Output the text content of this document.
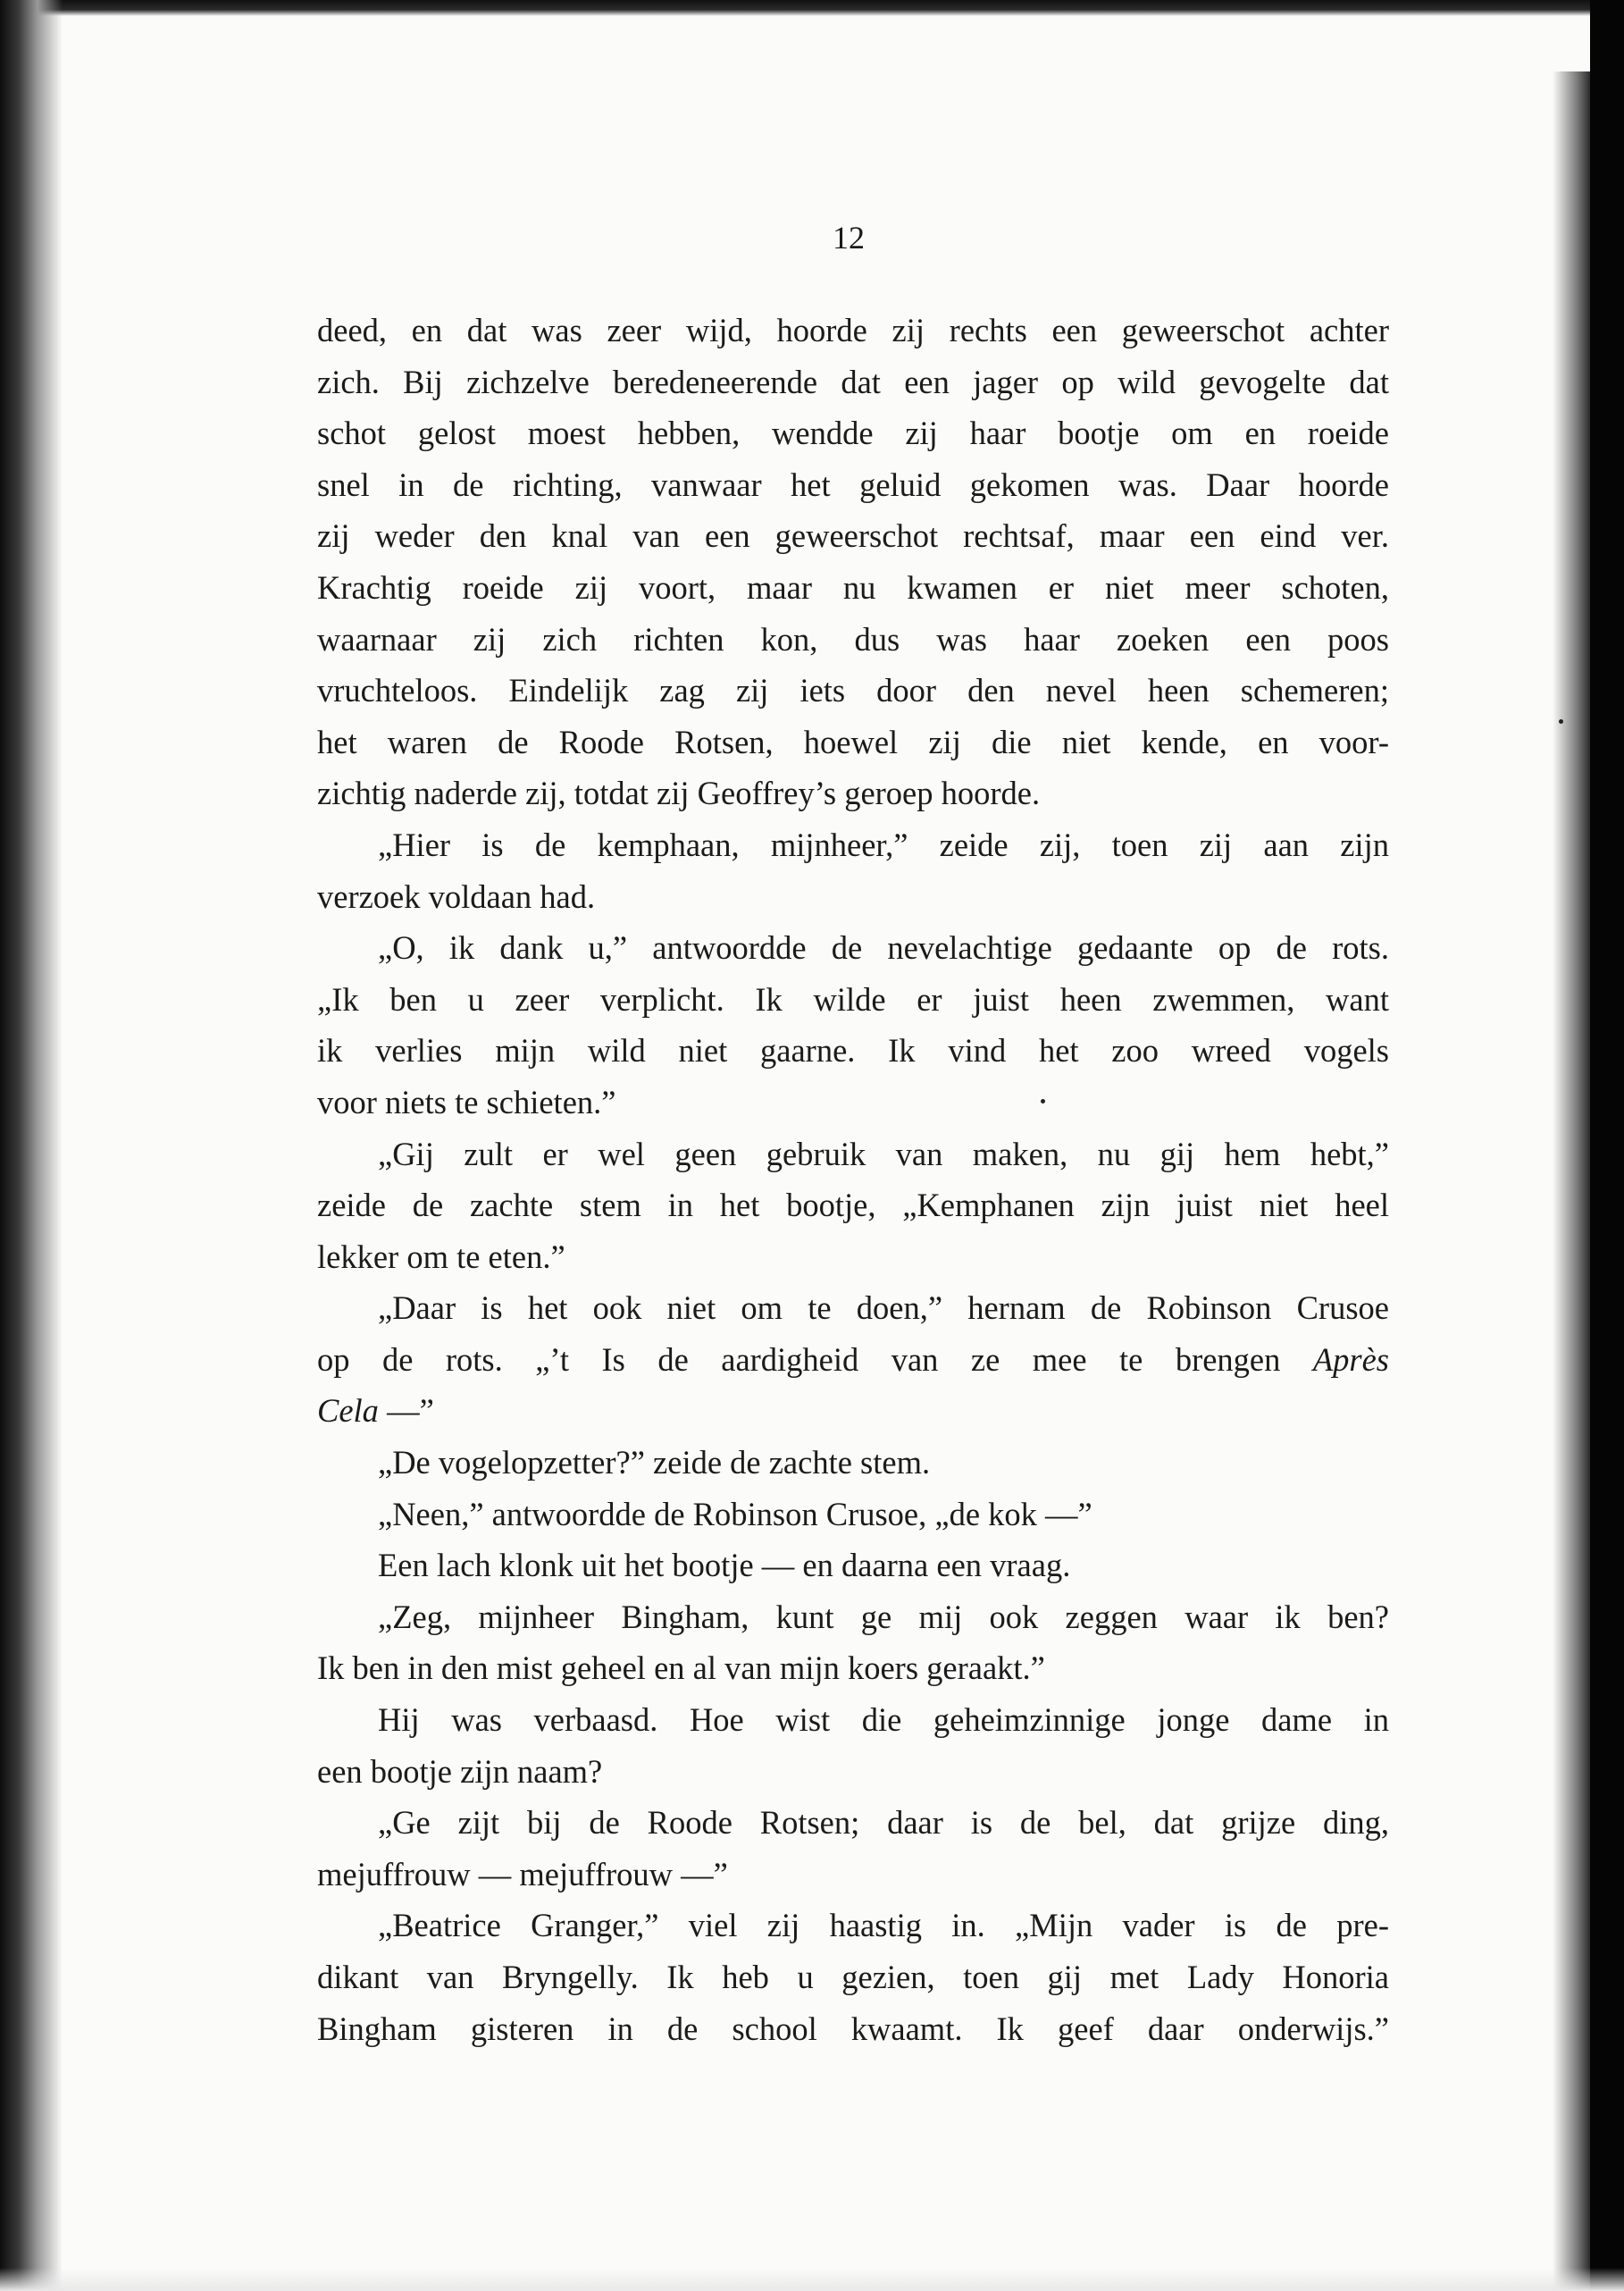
12
deed, en dat was zeer wijd, hoorde zij rechts een geweerschot achter
zich. Bij zichzelve beredeneerende dat een jager op wild gevogelte dat
schot gelost moest hebben, wendde zij haar bootje om en roeide
snel in de richting, vanwaar het geluid gekomen was. Daar hoorde
zij weder den knal van een geweerschot rechtsaf, maar een eind ver.
Krachtig roeide zij voort, maar nu kwamen er niet meer schoten,
waarnaar zij zich richten kon, dus was haar zoeken een poos
vruchteloos. Eindelijk zag zij iets door den nevel heen schemeren;
het waren de Roode Rotsen, hoewel zij die niet kende, en voor-
zichtig naderde zij, totdat zij Geoffrey’s geroep hoorde.
„Hier is de kemphaan, mijnheer,” zeide zij, toen zij aan zijn
verzoek voldaan had.
„O, ik dank u,” antwoordde de nevelachtige gedaante op de rots.
„Ik ben u zeer verplicht. Ik wilde er juist heen zwemmen, want
ik verlies mijn wild niet gaarne. Ik vind het zoo wreed vogels
voor niets te schieten.”
„Gij zult er wel geen gebruik van maken, nu gij hem hebt,”
zeide de zachte stem in het bootje, „Kemphanen zijn juist niet heel
lekker om te eten.”
„Daar is het ook niet om te doen,” hernam de Robinson Crusoe
op de rots. „’t Is de aardigheid van ze mee te brengen Après
Cela —”
„De vogelopzetter?” zeide de zachte stem.
„Neen,” antwoordde de Robinson Crusoe, „de kok —”
Een lach klonk uit het bootje — en daarna een vraag.
„Zeg, mijnheer Bingham, kunt ge mij ook zeggen waar ik ben?
Ik ben in den mist geheel en al van mijn koers geraakt.”
Hij was verbaasd. Hoe wist die geheimzinnige jonge dame in
een bootje zijn naam?
„Ge zijt bij de Roode Rotsen; daar is de bel, dat grijze ding,
mejuffrouw — mejuffrouw —”
„Beatrice Granger,” viel zij haastig in. „Mijn vader is de pre-
dikant van Bryngelly. Ik heb u gezien, toen gij met Lady Honoria
Bingham gisteren in de school kwaamt. Ik geef daar onderwijs.”
